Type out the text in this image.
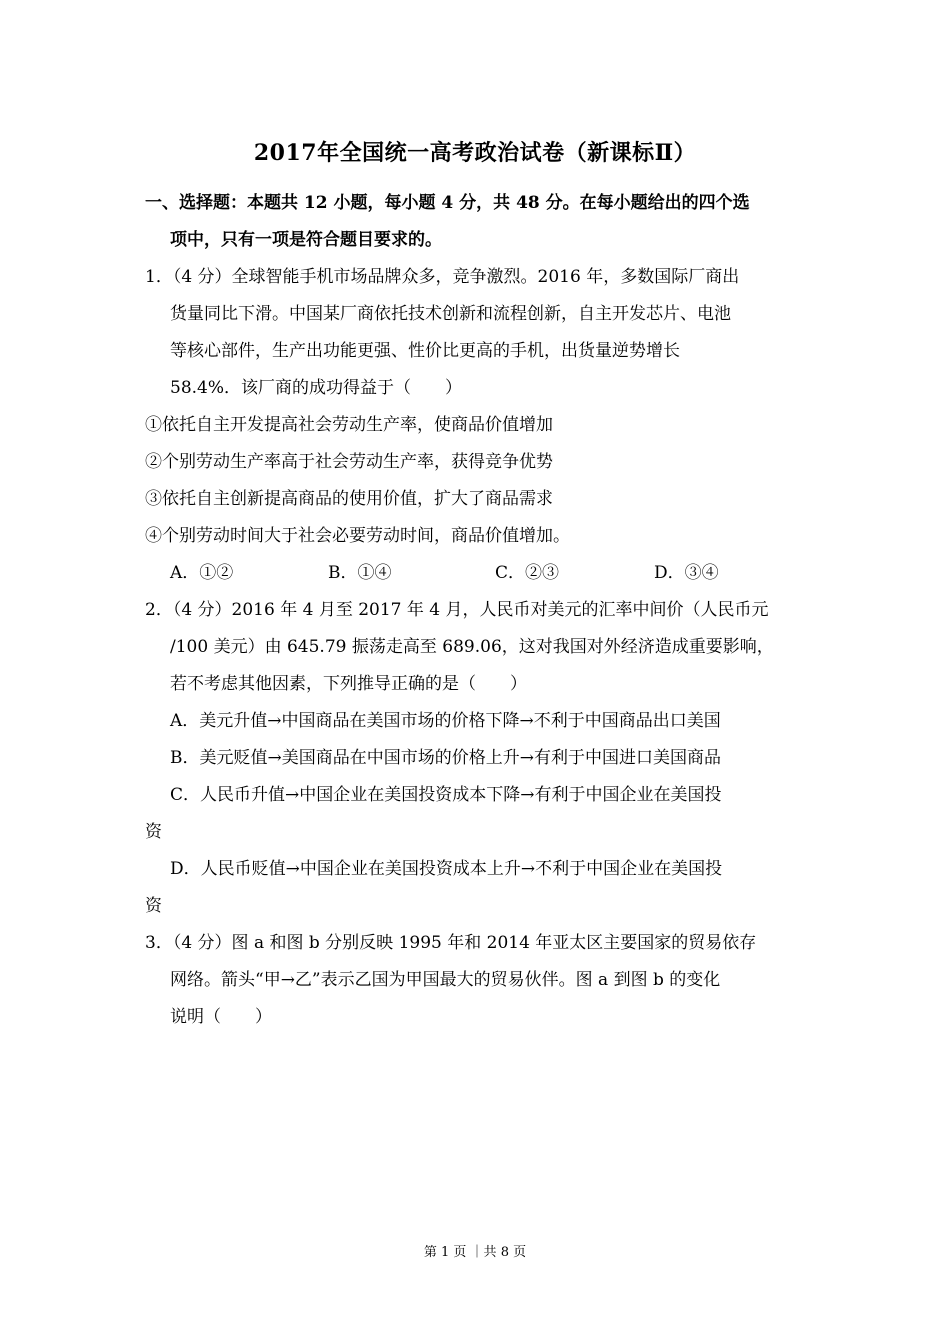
2017年全国统一高考政治试卷（新课标Ⅱ）
一、选择题：本题共 12 小题，每小题 4 分，共 48 分。在每小题给出的四个选
项中，只有一项是符合题目要求的。
1．（4 分）全球智能手机市场品牌众多，竞争激烈。2016 年，多数国际厂商出
货量同比下滑。中国某厂商依托技术创新和流程创新，自主开发芯片、电池
等核心部件，生产出功能更强、性价比更高的手机，出货量逆势增长
58.4%．该厂商的成功得益于（　　）
①依托自主开发提高社会劳动生产率，使商品价值增加
②个别劳动生产率高于社会劳动生产率，获得竞争优势
③依托自主创新提高商品的使用价值，扩大了商品需求
④个别劳动时间大于社会必要劳动时间，商品价值增加。
A．①②	B．①④	C．②③	D．③④
2．（4 分）2016 年 4 月至 2017 年 4 月，人民币对美元的汇率中间价（人民币元
/100 美元）由 645.79 振荡走高至 689.06，这对我国对外经济造成重要影响，
若不考虑其他因素，下列推导正确的是（　　）
A．美元升值→中国商品在美国市场的价格下降→不利于中国商品出口美国
B．美元贬值→美国商品在中国市场的价格上升→有利于中国进口美国商品
C．人民币升值→中国企业在美国投资成本下降→有利于中国企业在美国投
资
D．人民币贬值→中国企业在美国投资成本上升→不利于中国企业在美国投
资
3．（4 分）图 a 和图 b 分别反映 1995 年和 2014 年亚太区主要国家的贸易依存
网络。箭头“甲→乙”表示乙国为甲国最大的贸易伙伴。图 a 到图 b 的变化
说明（　　）
第 1 页 ｜共 8 页
